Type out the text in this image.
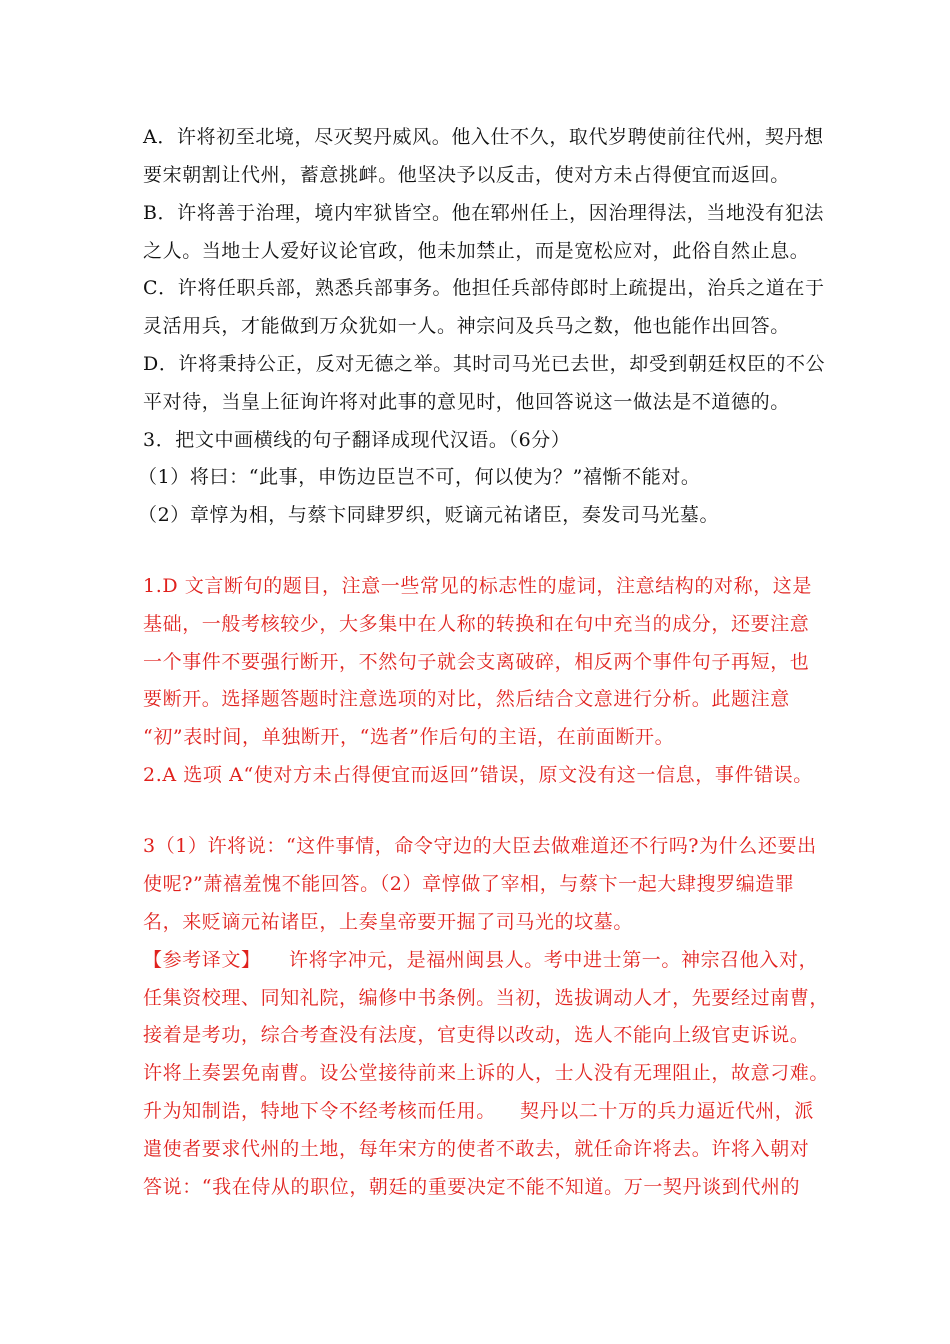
A．许将初至北境，尽灭契丹威风。他入仕不久，取代岁聘使前往代州，契丹想
要宋朝割让代州，蓄意挑衅。他坚决予以反击，使对方未占得便宜而返回。
B．许将善于治理，境内牢狱皆空。他在郓州任上，因治理得法，当地没有犯法
之人。当地士人爱好议论官政，他未加禁止，而是宽松应对，此俗自然止息。
C．许将任职兵部，熟悉兵部事务。他担任兵部侍郎时上疏提出，治兵之道在于
灵活用兵，才能做到万众犹如一人。神宗问及兵马之数，他也能作出回答。
D．许将秉持公正，反对无德之举。其时司马光已去世，却受到朝廷权臣的不公
平对待，当皇上征询许将对此事的意见时，他回答说这一做法是不道德的。
3．把文中画横线的句子翻译成现代汉语。（6分）
（1）将曰：“此事，申饬边臣岂不可，何以使为？”禧惭不能对。
（2）章惇为相，与蔡卞同肆罗织，贬谪元祐诸臣，奏发司马光墓。
1.D 文言断句的题目，注意一些常见的标志性的虚词，注意结构的对称，这是
基础，一般考核较少，大多集中在人称的转换和在句中充当的成分，还要注意
一个事件不要强行断开，不然句子就会支离破碎，相反两个事件句子再短，也
要断开。选择题答题时注意选项的对比，然后结合文意进行分析。此题注意
“初”表时间，单独断开，“选者”作后句的主语，在前面断开。
2.A 选项 A“使对方未占得便宜而返回”错误，原文没有这一信息，事件错误。
3（1）许将说：“这件事情，命令守边的大臣去做难道还不行吗?为什么还要出
使呢?”萧禧羞愧不能回答。（2）章惇做了宰相，与蔡卞一起大肆搜罗编造罪
名，来贬谪元祐诸臣，上奏皇帝要开掘了司马光的坟墓。
【参考译文】 许将字冲元，是福州闽县人。考中进士第一。神宗召他入对，
任集资校理、同知礼院，编修中书条例。当初，选拔调动人才，先要经过南曹，
接着是考功，综合考查没有法度，官吏得以改动，选人不能向上级官吏诉说。
许将上奏罢免南曹。设公堂接待前来上诉的人，士人没有无理阻止，故意刁难。
升为知制诰，特地下令不经考核而任用。 契丹以二十万的兵力逼近代州，派
遣使者要求代州的土地，每年宋方的使者不敢去，就任命许将去。许将入朝对
答说：“我在侍从的职位，朝廷的重要决定不能不知道。万一契丹谈到代州的
